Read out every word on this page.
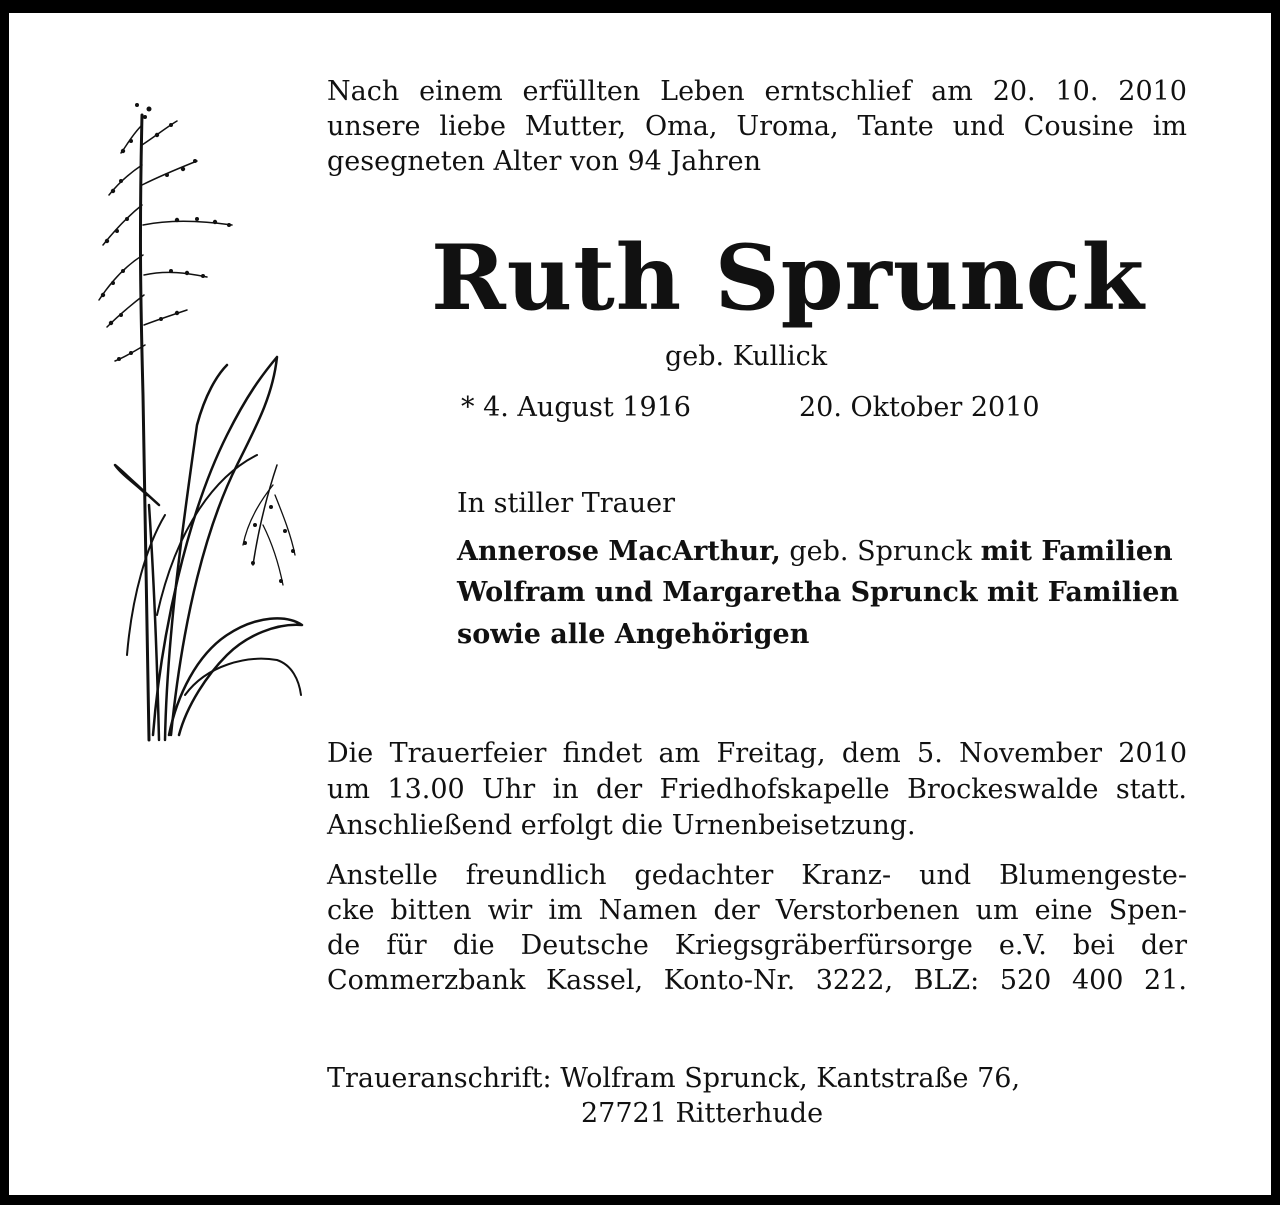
Nach einem erfüllten Leben erntschlief am 20. 10. 2010
unsere liebe Mutter, Oma, Uroma, Tante und Cousine im
gesegneten Alter von 94 Jahren
Ruth Sprunck
geb. Kullick
* 4. August 1916	20. Oktober 2010
In stiller Trauer
Annerose MacArthur, geb. Sprunck mit Familien
Wolfram und Margaretha Sprunck mit Familien
sowie alle Angehörigen
Die Trauerfeier findet am Freitag, dem 5. November 2010
um 13.00 Uhr in der Friedhofskapelle Brockeswalde statt.
Anschließend erfolgt die Urnenbeisetzung.
Anstelle freundlich gedachter Kranz- und Blumengeste-
cke bitten wir im Namen der Verstorbenen um eine Spen-
de für die Deutsche Kriegsgräberfürsorge e.V. bei der
Commerzbank Kassel, Konto-Nr. 3222, BLZ: 520 400 21.
Traueranschrift: Wolfram Sprunck, Kantstraße 76,
27721 Ritterhude
